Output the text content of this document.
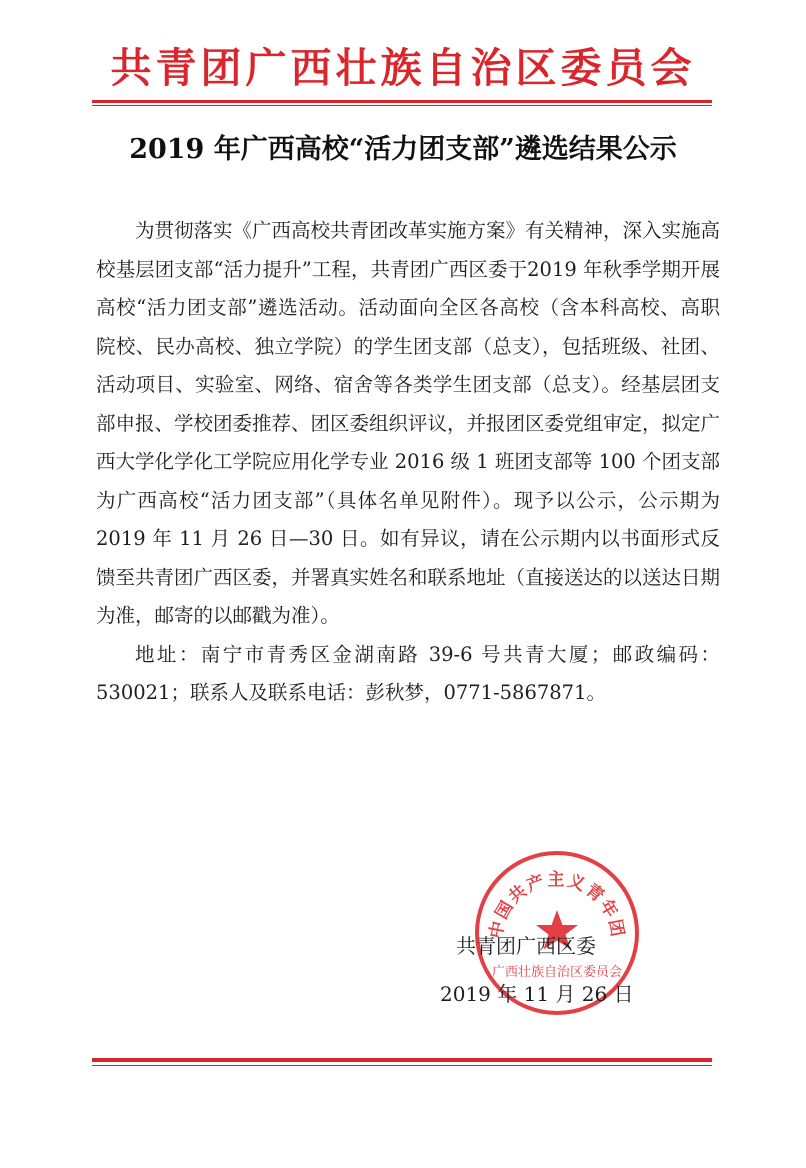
共青团广西壮族自治区委员会
2019 年广西高校“活力团支部”遴选结果公示

为贯彻落实《广西高校共青团改革实施方案》有关精神，深入实施高校基层团支部“活力提升”工程，共青团广西区委于2019 年秋季学期开展高校“活力团支部”遴选活动。活动面向全区各高校（含本科高校、高职院校、民办高校、独立学院）的学生团支部（总支），包括班级、社团、活动项目、实验室、网络、宿舍等各类学生团支部（总支）。经基层团支部申报、学校团委推荐、团区委组织评议，并报团区委党组审定，拟定广西大学化学化工学院应用化学专业 2016 级 1 班团支部等 100 个团支部为广西高校“活力团支部”（具体名单见附件）。现予以公示，公示期为 2019 年 11 月 26 日—30 日。如有异议，请在公示期内以书面形式反馈至共青团广西区委，并署真实姓名和联系地址（直接送达的以送达日期为准，邮寄的以邮戳为准）。

地址：南宁市青秀区金湖南路 39-6 号共青大厦；邮政编码：530021；联系人及联系电话：彭秋梦，0771-5867871。

中国共产主义青年团
广西壮族自治区委员会
共青团广西区委
2019 年 11 月 26 日
